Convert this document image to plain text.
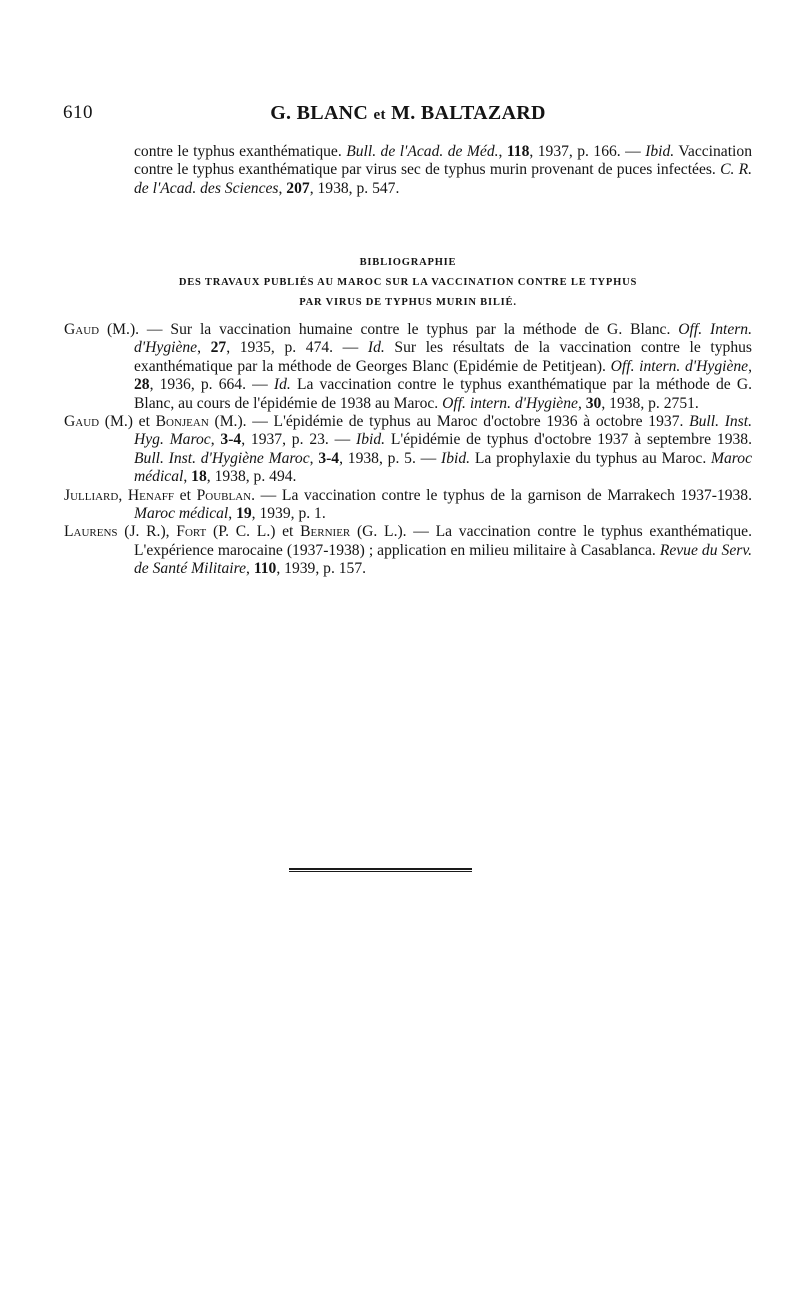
610	G. BLANC et M. BALTAZARD

contre le typhus exanthématique. Bull. de l'Acad. de Méd., 118, 1937, p. 166. — Ibid. Vaccination contre le typhus exanthématique par virus sec de typhus murin provenant de puces infectées. C. R. de l'Acad. des Sciences, 207, 1938, p. 547.

BIBLIOGRAPHIE
DES TRAVAUX PUBLIÉS AU MAROC SUR LA VACCINATION CONTRE LE TYPHUS
PAR VIRUS DE TYPHUS MURIN BILIÉ.

Gaud (M.). — Sur la vaccination humaine contre le typhus par la méthode de G. Blanc. Off. Intern. d'Hygiène, 27, 1935, p. 474. — Id. Sur les résultats de la vaccination contre le typhus exanthématique par la méthode de Georges Blanc (Epidémie de Petitjean). Off. intern. d'Hygiène, 28, 1936, p. 664. — Id. La vaccination contre le typhus exanthématique par la méthode de G. Blanc, au cours de l'épidémie de 1938 au Maroc. Off. intern. d'Hygiène, 30, 1938, p. 2751.

Gaud (M.) et Bonjean (M.). — L'épidémie de typhus au Maroc d'octobre 1936 à octobre 1937. Bull. Inst. Hyg. Maroc, 3-4, 1937, p. 23. — Ibid. L'épidémie de typhus d'octobre 1937 à septembre 1938. Bull. Inst. d'Hygiène Maroc, 3-4, 1938, p. 5. — Ibid. La prophylaxie du typhus au Maroc. Maroc médical, 18, 1938, p. 494.

Julliard, Henaff et Poublan. — La vaccination contre le typhus de la garnison de Marrakech 1937-1938. Maroc médical, 19, 1939, p. 1.

Laurens (J. R.), Fort (P. C. L.) et Bernier (G. L.). — La vaccination contre le typhus exanthématique. L'expérience marocaine (1937-1938) ; application en milieu militaire à Casablanca. Revue du Serv. de Santé Militaire, 110, 1939, p. 157.
